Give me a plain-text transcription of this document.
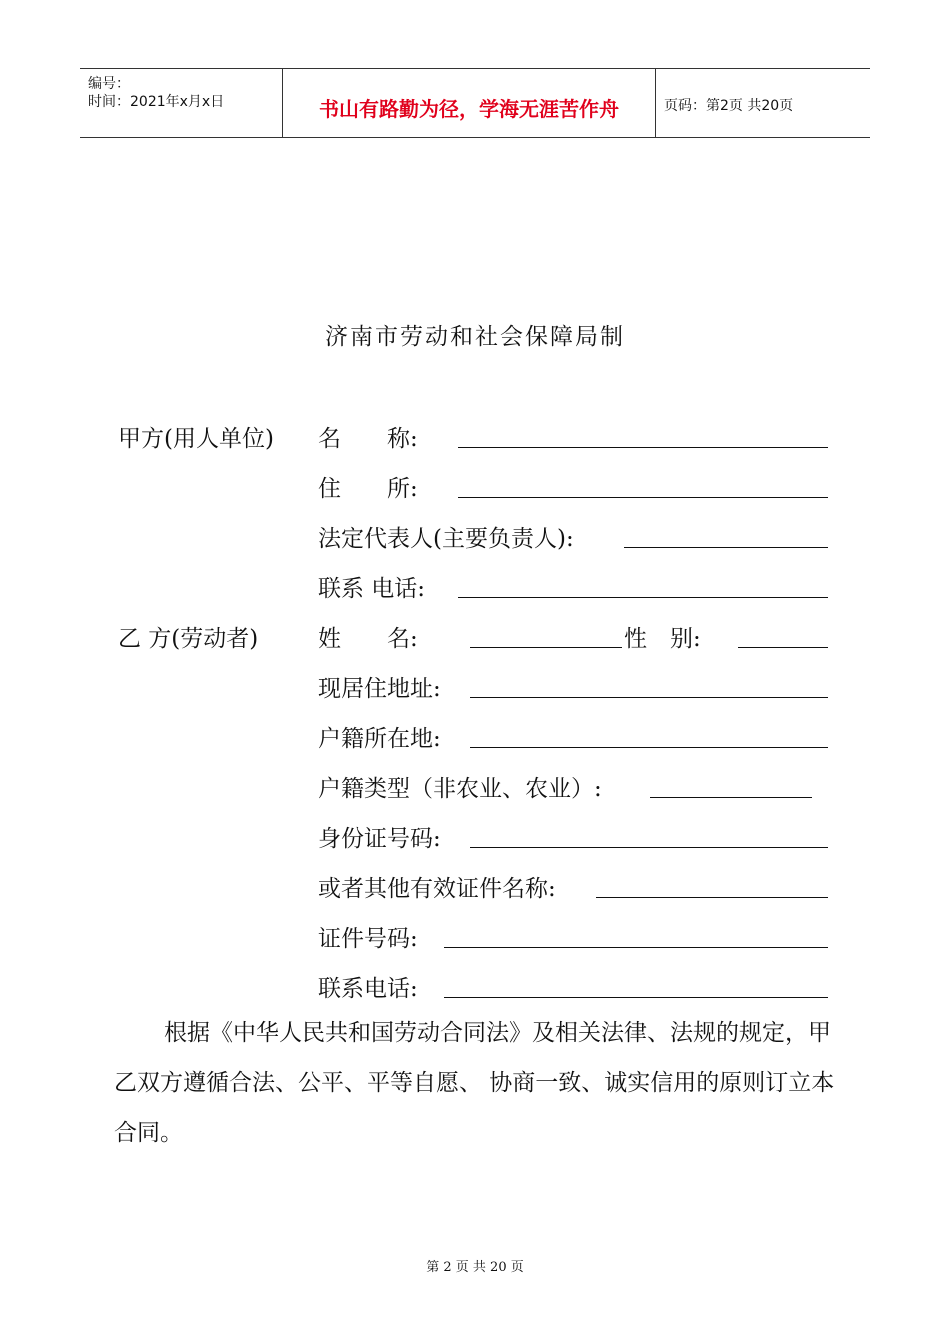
编号：
时间：2021年x月x日	书山有路勤为径，学海无涯苦作舟	页码：第2页 共20页
济南市劳动和社会保障局制
甲方(用人单位) 名　　称:
住　　所:
法定代表人(主要负责人):
联系 电话:
乙 方(劳动者)	姓　　名:	性　别:
现居住地址:
户籍所在地:
户籍类型（非农业、农业）:
身份证号码:
或者其他有效证件名称:
证件号码:
联系电话:
根据《中华人民共和国劳动合同法》及相关法律、法规的规定，甲乙双方遵循合法、公平、平等自愿、 协商一致、诚实信用的原则订立本合同。
第 2 页 共 20 页
